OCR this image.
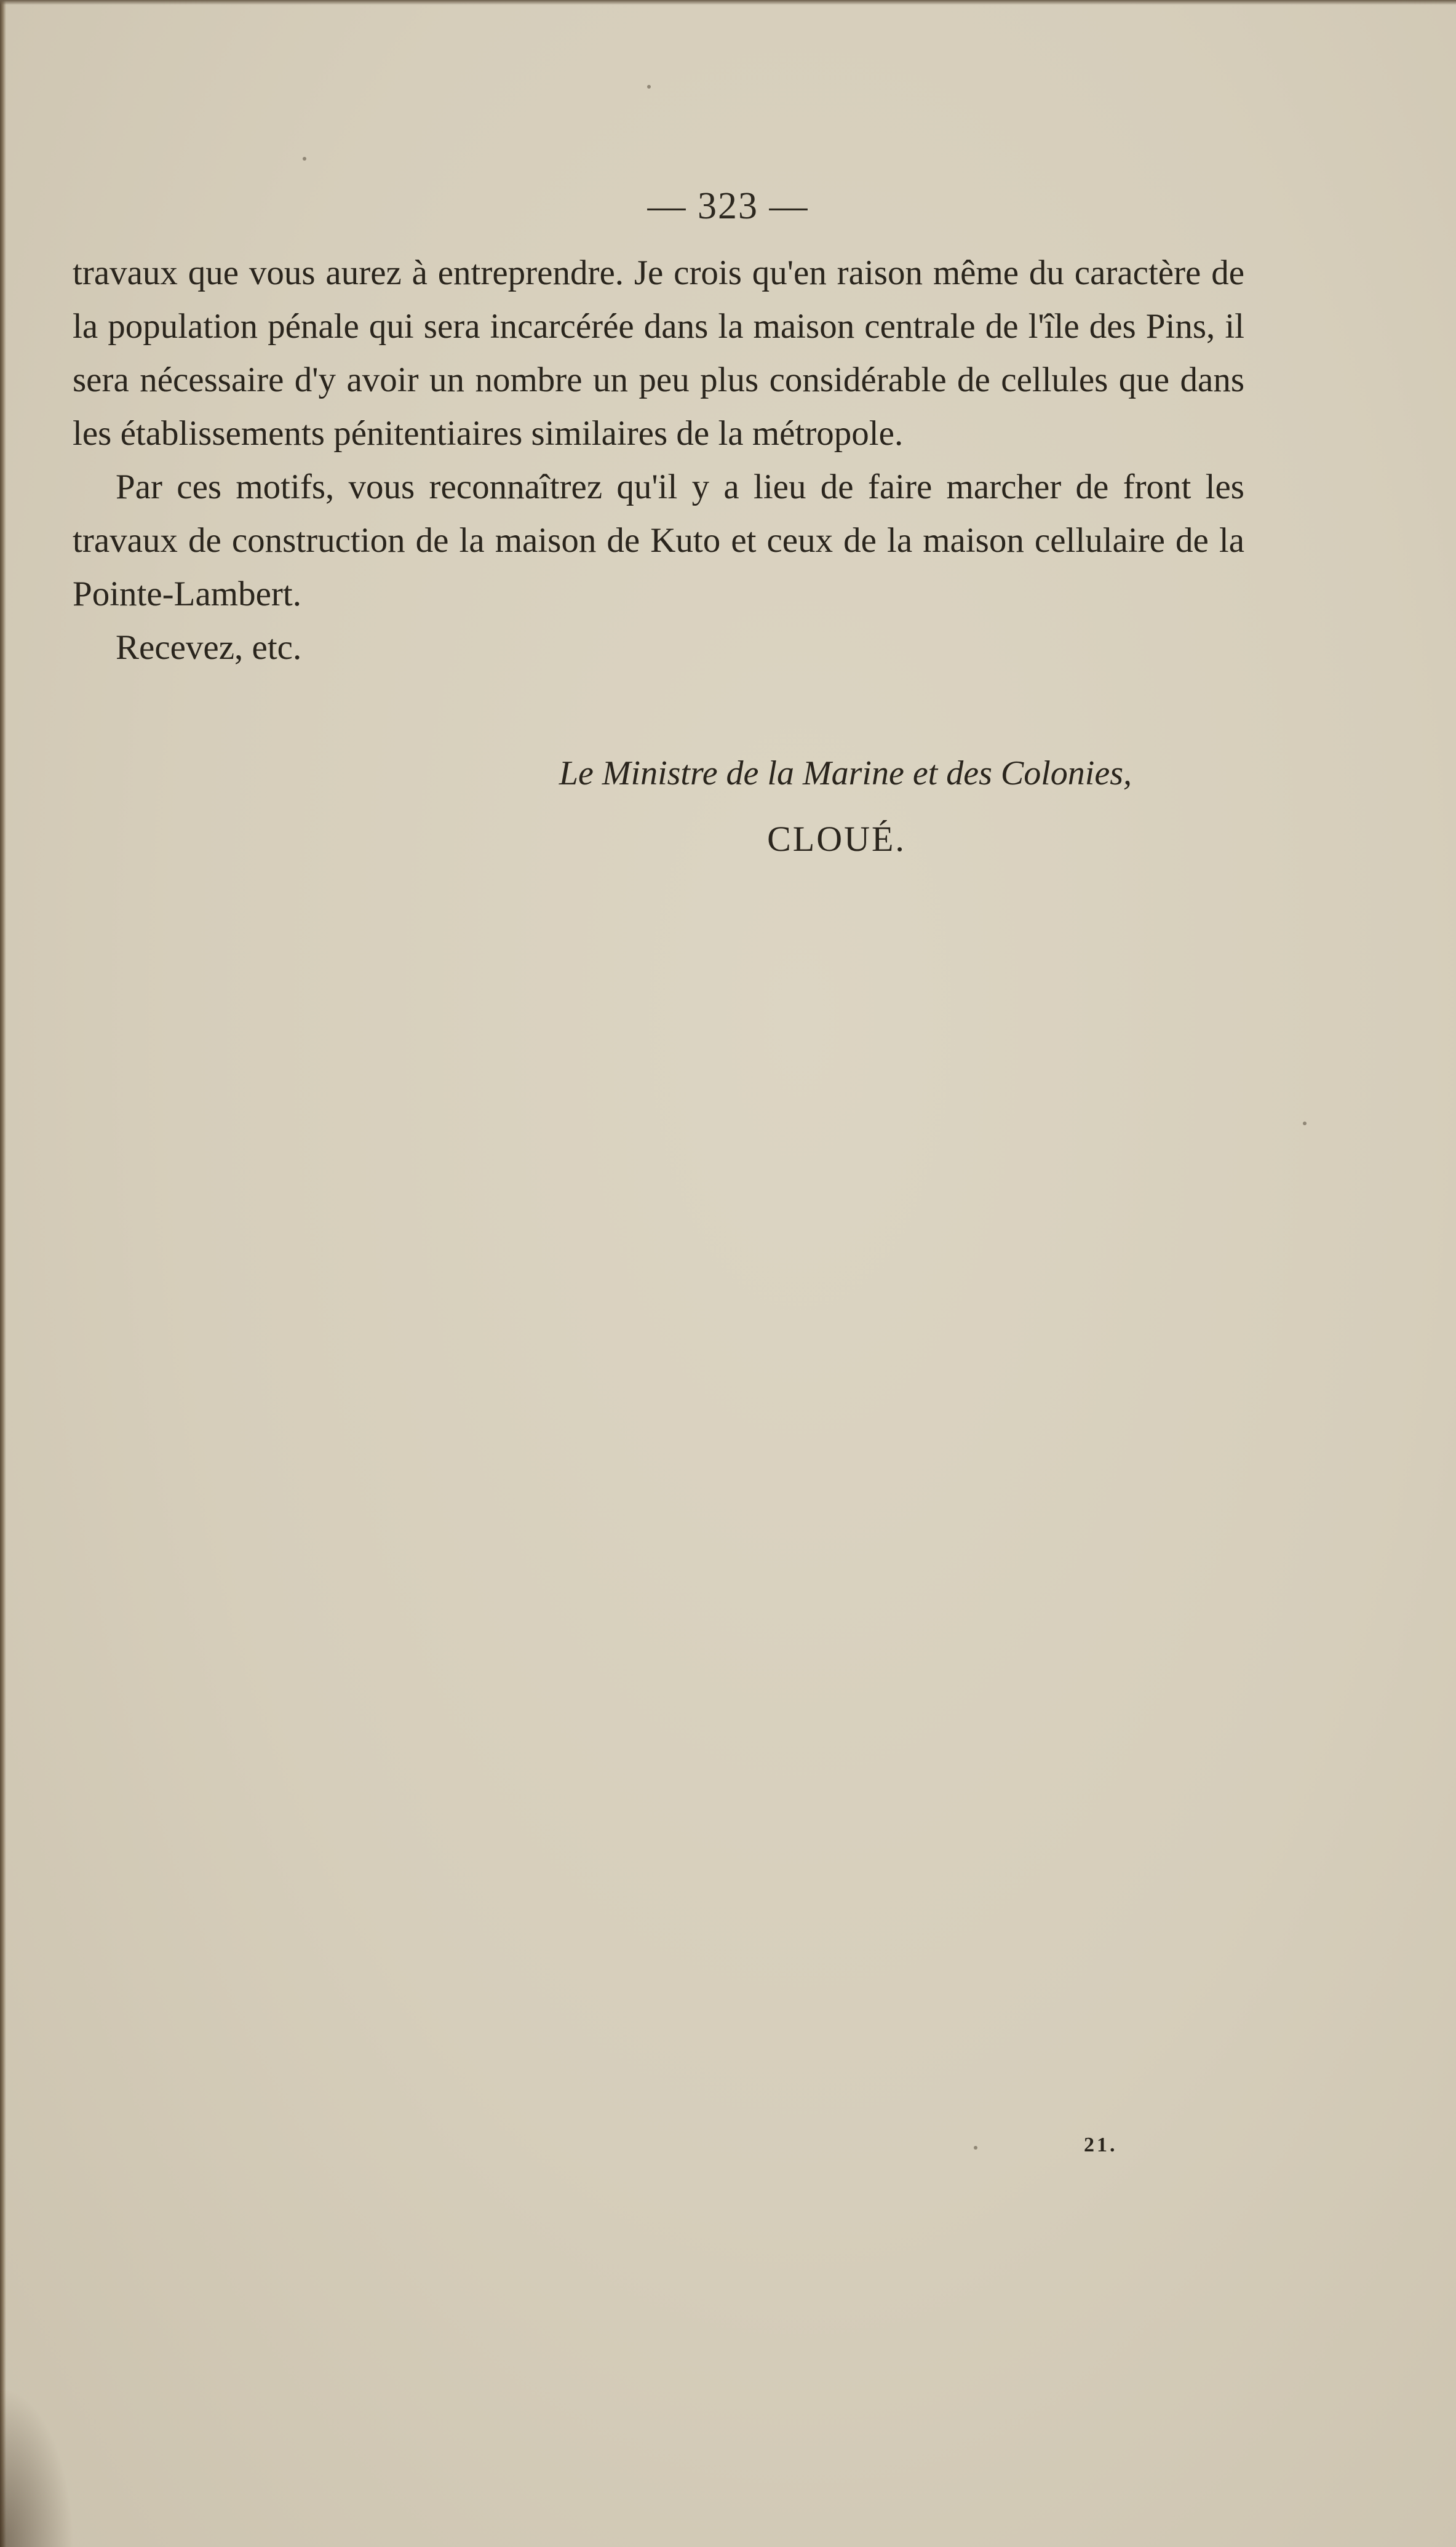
— 323 —

travaux que vous aurez à entreprendre. Je crois qu'en raison même du caractère de la population pénale qui sera incarcérée dans la maison centrale de l'île des Pins, il sera nécessaire d'y avoir un nombre un peu plus considérable de cellules que dans les établissements pénitentiaires similaires de la métropole.

Par ces motifs, vous reconnaîtrez qu'il y a lieu de faire marcher de front les travaux de construction de la maison de Kuto et ceux de la maison cellulaire de la Pointe-Lambert.

Recevez, etc.

Le Ministre de la Marine et des Colonies,
CLOUÉ.
21.
